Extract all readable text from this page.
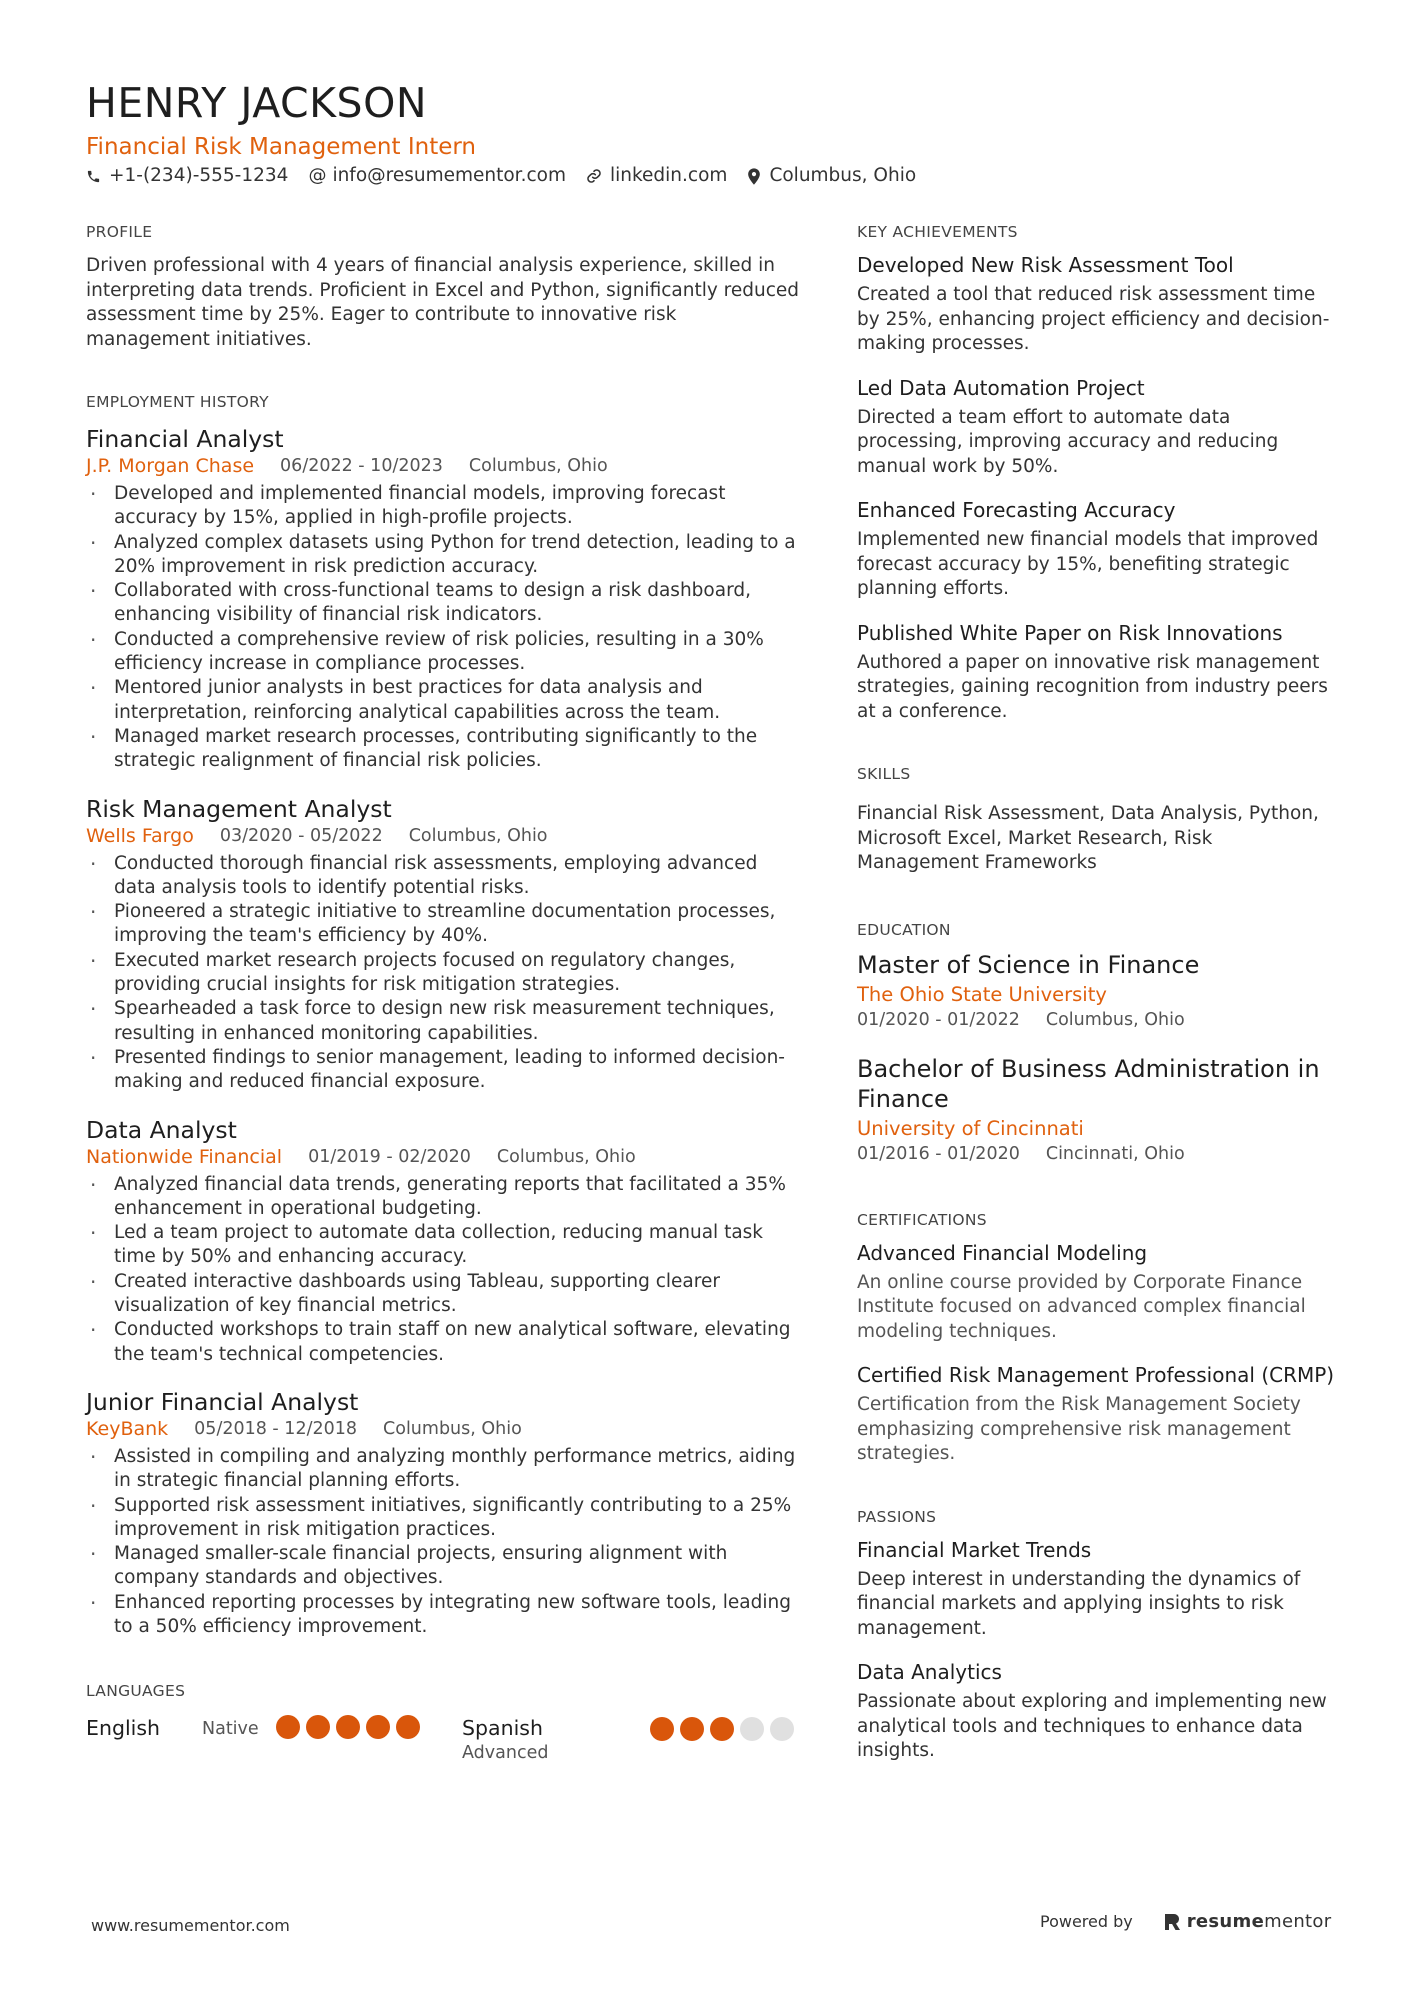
HENRY JACKSON
Financial Risk Management Intern
+1-(234)-555-1234 @ info@resumementor.com linkedin.com Columbus, Ohio
PROFILE

Driven professional with 4 years of financial analysis experience, skilled in interpreting data trends. Proficient in Excel and Python, significantly reduced assessment time by 25%. Eager to contribute to innovative risk management initiatives.

EMPLOYMENT HISTORY
Financial Analyst
J.P. Morgan Chase 06/2022 - 10/2023 Columbus, Ohio
· Developed and implemented financial models, improving forecast accuracy by 15%, applied in high-profile projects.
· Analyzed complex datasets using Python for trend detection, leading to a 20% improvement in risk prediction accuracy.
· Collaborated with cross-functional teams to design a risk dashboard, enhancing visibility of financial risk indicators.
· Conducted a comprehensive review of risk policies, resulting in a 30% efficiency increase in compliance processes.
· Mentored junior analysts in best practices for data analysis and interpretation, reinforcing analytical capabilities across the team.
· Managed market research processes, contributing significantly to the strategic realignment of financial risk policies.
Risk Management Analyst
Wells Fargo 03/2020 - 05/2022 Columbus, Ohio
· Conducted thorough financial risk assessments, employing advanced data analysis tools to identify potential risks.
· Pioneered a strategic initiative to streamline documentation processes, improving the team's efficiency by 40%.
· Executed market research projects focused on regulatory changes, providing crucial insights for risk mitigation strategies.
· Spearheaded a task force to design new risk measurement techniques, resulting in enhanced monitoring capabilities.
· Presented findings to senior management, leading to informed decision-making and reduced financial exposure.
Data Analyst
Nationwide Financial 01/2019 - 02/2020 Columbus, Ohio
· Analyzed financial data trends, generating reports that facilitated a 35% enhancement in operational budgeting.
· Led a team project to automate data collection, reducing manual task time by 50% and enhancing accuracy.
· Created interactive dashboards using Tableau, supporting clearer visualization of key financial metrics.
· Conducted workshops to train staff on new analytical software, elevating the team's technical competencies.
Junior Financial Analyst
KeyBank 05/2018 - 12/2018 Columbus, Ohio
· Assisted in compiling and analyzing monthly performance metrics, aiding in strategic financial planning efforts.
· Supported risk assessment initiatives, significantly contributing to a 25% improvement in risk mitigation practices.
· Managed smaller-scale financial projects, ensuring alignment with company standards and objectives.
· Enhanced reporting processes by integrating new software tools, leading to a 50% efficiency improvement.
LANGUAGES
English	Native	Spanish
Advanced
KEY ACHIEVEMENTS
Developed New Risk Assessment Tool

Created a tool that reduced risk assessment time by 25%, enhancing project efficiency and decision-making processes.

Led Data Automation Project

Directed a team effort to automate data processing, improving accuracy and reducing manual work by 50%.

Enhanced Forecasting Accuracy

Implemented new financial models that improved forecast accuracy by 15%, benefiting strategic planning efforts.

Published White Paper on Risk Innovations

Authored a paper on innovative risk management strategies, gaining recognition from industry peers at a conference.

SKILLS

Financial Risk Assessment, Data Analysis, Python, Microsoft Excel, Market Research, Risk Management Frameworks

EDUCATION
Master of Science in Finance
The Ohio State University
01/2020 - 01/2022 Columbus, Ohio
Bachelor of Business Administration in Finance
University of Cincinnati
01/2016 - 01/2020 Cincinnati, Ohio
CERTIFICATIONS
Advanced Financial Modeling

An online course provided by Corporate Finance Institute focused on advanced complex financial modeling techniques.

Certified Risk Management Professional (CRMP)

Certification from the Risk Management Society emphasizing comprehensive risk management strategies.

PASSIONS
Financial Market Trends

Deep interest in understanding the dynamics of financial markets and applying insights to risk management.

Data Analytics

Passionate about exploring and implementing new analytical tools and techniques to enhance data insights.

www.resumementor.com	Powered by	resumementor
